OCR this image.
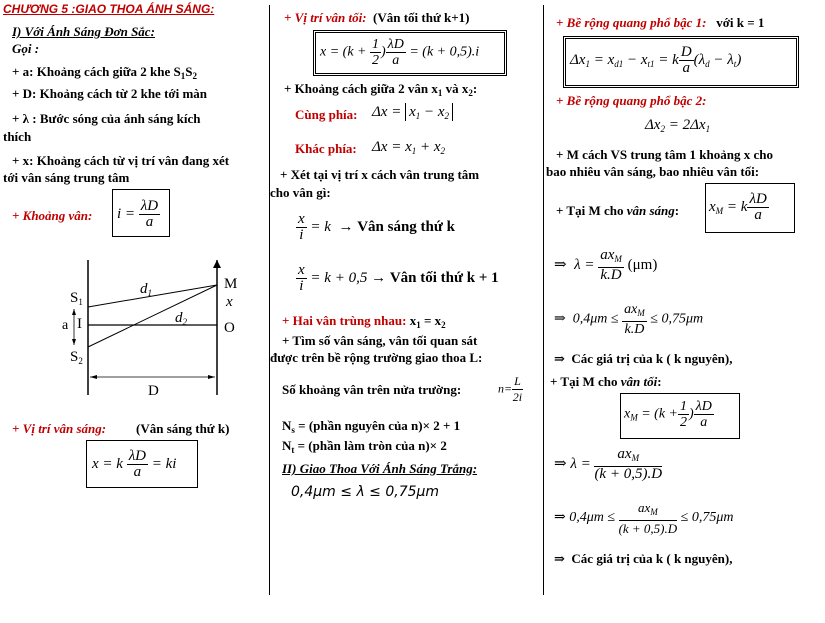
CHƯƠNG 5 :GIAO THOA ÁNH SÁNG:
I) Với Ánh Sáng Đơn Sắc:
Gọi :
+ a: Khoảng cách giữa 2 khe $S_1S_2$
+ D: Khoảng cách từ 2 khe tới màn
+ λ : Bước sóng của ánh sáng kích
thích
+ x: Khoảng cách từ vị trí vân đang xét
tới vân sáng trung tâm
+ Khoảng vân: $i = \frac{\lambda D}{a}$
$S_1$
a I
$S_2$
$d_1$
$d_2$
M
x
O
D
+ Vị trí vân sáng: (Vân sáng thứ k)
x = k $\frac{\lambda D}{a}$ = ki
+ Vị trí vân tối: (Vân tối thứ k+1)
$x = (k + \frac{1}{2}$ ) $\frac{\lambda D}{a} = (k + 0,5).i$
+ Khoảng cách giữa 2 vân $x_1$ và $x_2$:
Cùng phía: $\Delta x = x_1 - x_2$
Khác phía: $\Delta x = x_1 + x_2$
+ Xét tại vị trí x cách vân trung tâm
cho vân gì:
$\frac{x}{i} = k$  → Vân sáng thứ k
$\frac{x}{i} = k + 0,5$ → Vân tối thứ k + 1
+ Hai vân trùng nhau: $x_1 = x_2$
+ Tìm số vân sáng, vân tối quan sát
được trên bề rộng trường giao thoa L:
Số khoảng vân trên nửa trường:	$n= \frac{L}{2i}$
$N_s$ = (phần nguyên của n)× 2 + 1
$N_t$ = (phần làm tròn của n)× 2
II) Giao Thoa Với Ánh Sáng Trắng:
0,4μm ≤ λ ≤ 0,75μm
+ Bề rộng quang phổ bậc 1: với k = 1
$\Delta x_1 = x_{d1} - x_{t1} = k \frac{D}{a} (\lambda_d - \lambda_t)$
+ Bề rộng quang phổ bậc 2:
$\Delta x_2 = 2\Delta x_1$
+ M cách VS trung tâm 1 khoảng x cho
bao nhiêu vân sáng, bao nhiêu vân tối:
+ Tại M cho vân sáng: $x_M = k \frac{\lambda D}{a}$
⇒  $\lambda = \frac{ax_M}{k.D} (\mu m)$
⇒  $0,4\mu m \le \frac{ax_M}{k.D} \le 0,75\mu m$
⇒  Các giá trị của k ( k nguyên),
+ Tại M cho vân tối:
$x_M = (k + \frac{1}{2}$ ) $\frac{\lambda D}{a}$
⇒ $\lambda = \frac{ax_M}{(k + 0,5).D}$
⇒ $0,4\mu m \le \frac{ax_M}{(k + 0,5).D} \le 0,75\mu m$
⇒  Các giá trị của k ( k nguyên),
